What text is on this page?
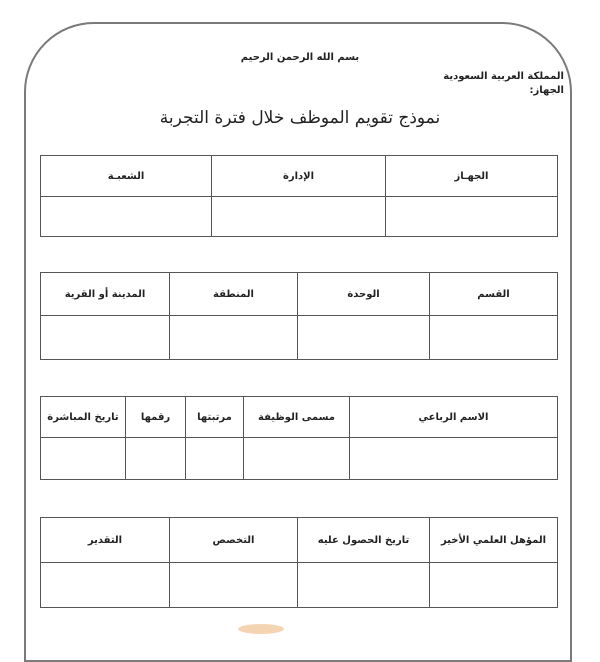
بسم الله الرحمن الرحيم
المملكة العربية السعودية
الجهاز:
نموذج تقويم الموظف خلال فترة التجربة
الجهـاز	الإدارة	الشعبـة

القسم	الوحدة	المنطقة	المدينة أو القرية

الاسم الرباعي	مسمى الوظيفة	مرتبتها	رقمها	تاريخ المباشرة

المؤهل العلمي الأخير	تاريخ الحصول عليه	التخصص	التقدير
